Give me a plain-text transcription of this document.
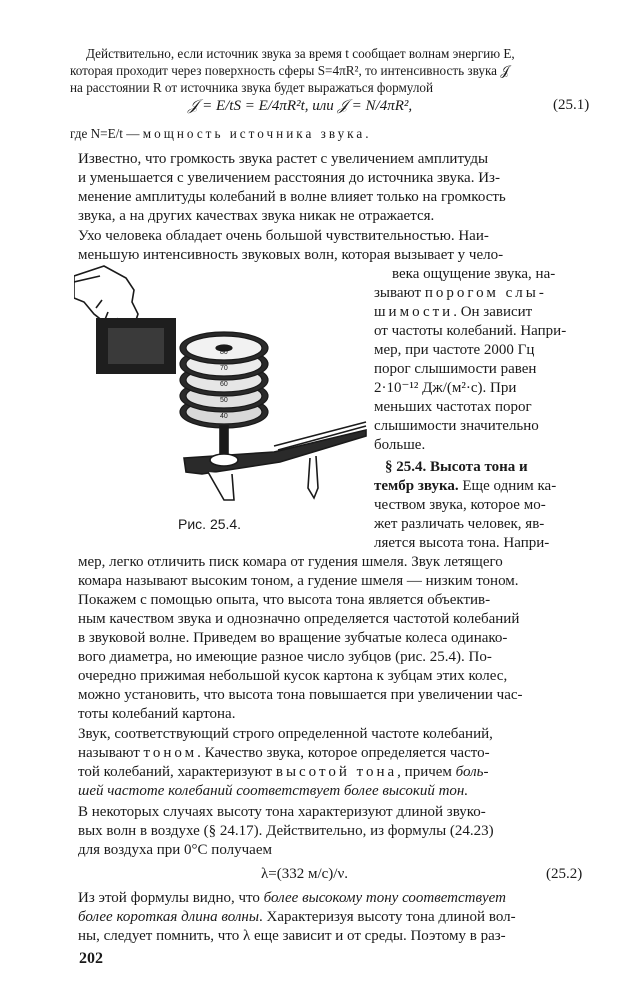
Действительно, если источник звука за время t сообщает волнам энергию E,
которая проходит через поверхность сферы S=4πR², то интенсивность звука 𝒥
на расстоянии R от источника звука будет выражаться формулой
𝒥 = E/tS = E/4πR²t, или 𝒥 = N/4πR²,	(25.1)
где N=E/t — мощность источника звука.
Известно, что громкость звука растет с увеличением амплитуды
и уменьшается с увеличением расстояния до источника звука. Из-
менение амплитуды колебаний в волне влияет только на громкость
звука, а на других качествах звука никак не отражается.
Ухо человека обладает очень большой чувствительностью. Наи-
меньшую интенсивность звуковых волн, которая вызывает у чело-
века ощущение звука, на-
зывают порогом слы-
шимости. Он зависит
от частоты колебаний. Напри-
мер, при частоте 2000 Гц
порог слышимости равен
2·10⁻¹² Дж/(м²·с). При
меньших частотах порог
слышимости значительно
больше.
§ 25.4. Высота тона и
тембр звука. Еще одним ка-
чеством звука, которое мо-
жет различать человек, яв-
ляется высота тона. Напри-
80
70
60
50
40
Рис. 25.4.
мер, легко отличить писк комара от гудения шмеля. Звук летящего
комара называют высоким тоном, а гудение шмеля — низким тоном.
Покажем с помощью опыта, что высота тона является объектив-
ным качеством звука и однозначно определяется частотой колебаний
в звуковой волне. Приведем во вращение зубчатые колеса одинако-
вого диаметра, но имеющие разное число зубцов (рис. 25.4). По-
очередно прижимая небольшой кусок картона к зубцам этих колес,
можно установить, что высота тона повышается при увеличении час-
тоты колебаний картона.
Звук, соответствующий строго определенной частоте колебаний,
называют тоном. Качество звука, которое определяется часто-
той колебаний, характеризуют высотой тона, причем боль-
шей частоте колебаний соответствует более высокий тон.
В некоторых случаях высоту тона характеризуют длиной звуко-
вых волн в воздухе (§ 24.17). Действительно, из формулы (24.23)
для воздуха при 0°С получаем
λ=(332 м/с)/ν.	(25.2)
Из этой формулы видно, что более высокому тону соответствует
более короткая длина волны. Характеризуя высоту тона длиной вол-
ны, следует помнить, что λ еще зависит и от среды. Поэтому в раз-
202
